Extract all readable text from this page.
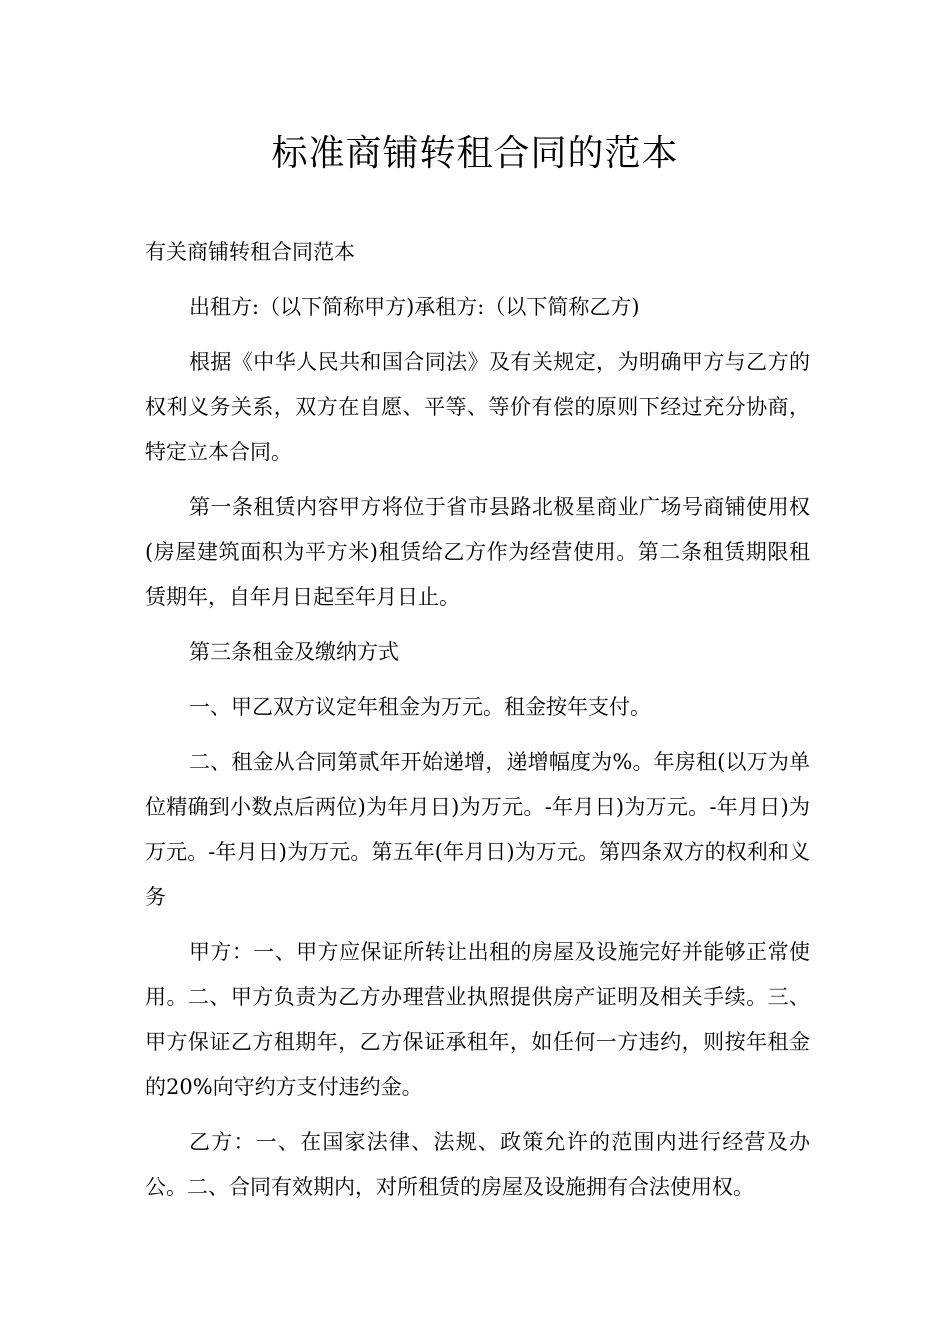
标准商铺转租合同的范本

有关商铺转租合同范本

出租方:（以下简称甲方)承租方:（以下简称乙方)

根据《中华人民共和国合同法》及有关规定，为明确甲方与乙方的权利义务关系，双方在自愿、平等、等价有偿的原则下经过充分协商，特定立本合同。

第一条租赁内容甲方将位于省市县路北极星商业广场号商铺使用权(房屋建筑面积为平方米)租赁给乙方作为经营使用。第二条租赁期限租赁期年，自年月日起至年月日止。

第三条租金及缴纳方式

一、甲乙双方议定年租金为万元。租金按年支付。

二、租金从合同第贰年开始递增，递增幅度为%。年房租(以万为单位精确到小数点后两位)为年月日)为万元。-年月日)为万元。-年月日)为万元。-年月日)为万元。第五年(年月日)为万元。第四条双方的权利和义务

甲方：一、甲方应保证所转让出租的房屋及设施完好并能够正常使用。二、甲方负责为乙方办理营业执照提供房产证明及相关手续。三、甲方保证乙方租期年，乙方保证承租年，如任何一方违约，则按年租金的20%向守约方支付违约金。

乙方：一、在国家法律、法规、政策允许的范围内进行经营及办公。二、合同有效期内，对所租赁的房屋及设施拥有合法使用权。
